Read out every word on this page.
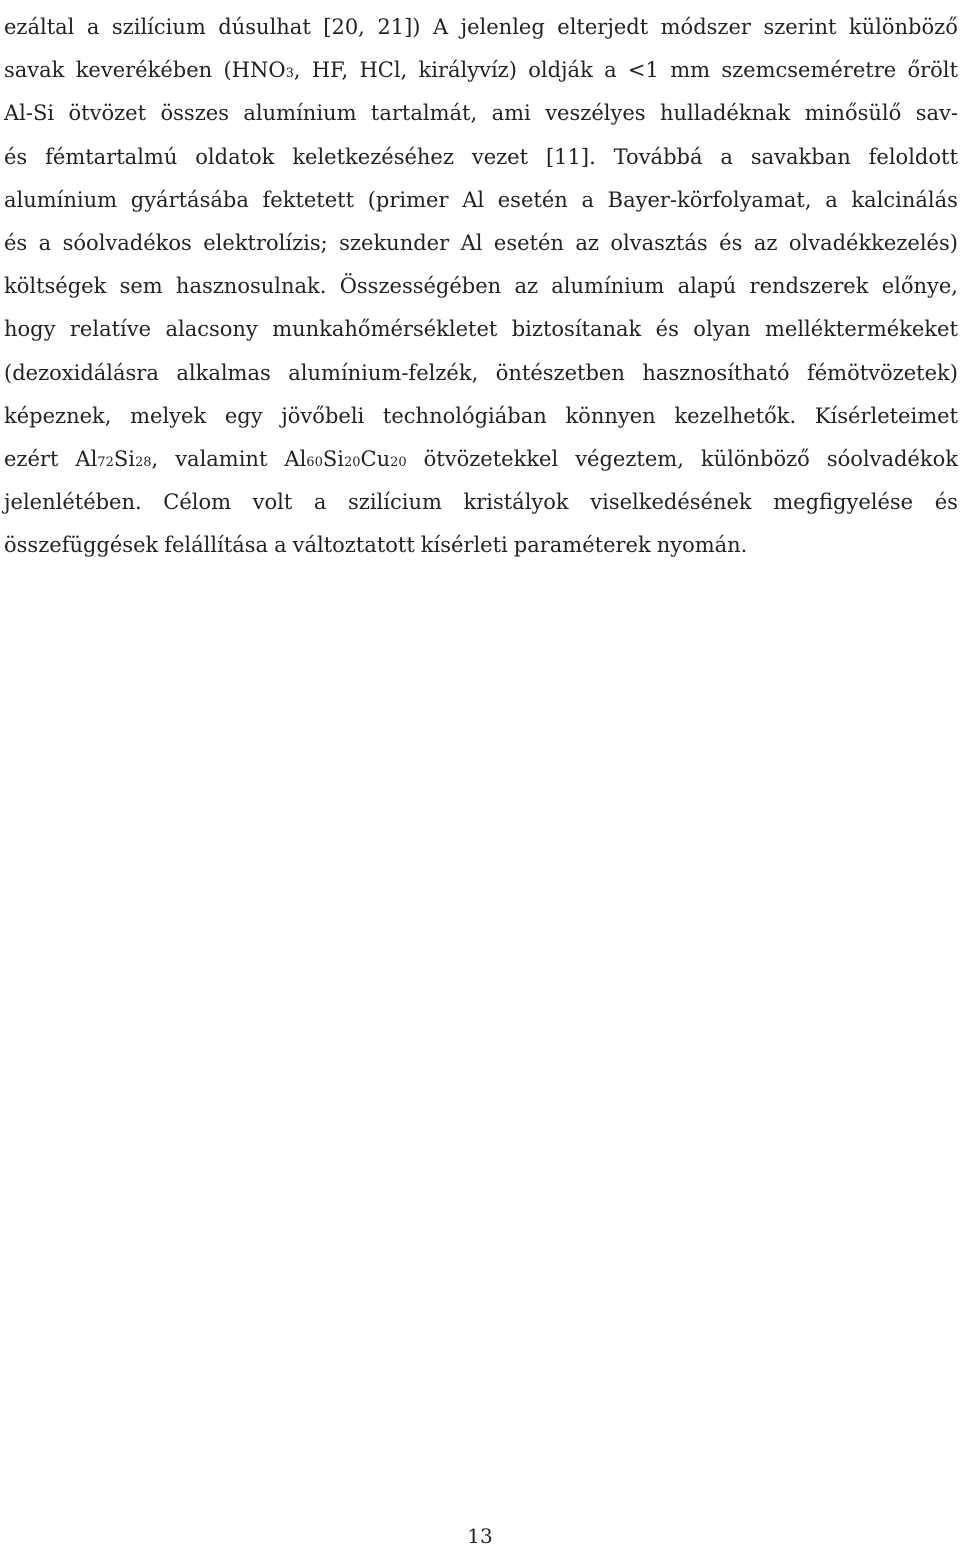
ezáltal a szilícium dúsulhat [20, 21]) A jelenleg elterjedt módszer szerint különböző
savak keverékében (HNO3, HF, HCl, királyvíz) oldják a <1 mm szemcseméretre őrölt
Al-Si ötvözet összes alumínium tartalmát, ami veszélyes hulladéknak minősülő sav-
és fémtartalmú oldatok keletkezéséhez vezet [11]. Továbbá a savakban feloldott
alumínium gyártásába fektetett (primer Al esetén a Bayer-körfolyamat, a kalcinálás
és a sóolvadékos elektrolízis; szekunder Al esetén az olvasztás és az olvadékkezelés)
költségek sem hasznosulnak. Összességében az alumínium alapú rendszerek előnye,
hogy relatíve alacsony munkahőmérsékletet biztosítanak és olyan melléktermékeket
(dezoxidálásra alkalmas alumínium-felzék, öntészetben hasznosítható fémötvözetek)
képeznek, melyek egy jövőbeli technológiában könnyen kezelhetők. Kísérleteimet
ezért Al72Si28, valamint Al60Si20Cu20 ötvözetekkel végeztem, különböző sóolvadékok
jelenlétében. Célom volt a szilícium kristályok viselkedésének megfigyelése és
összefüggések felállítása a változtatott kísérleti paraméterek nyomán.
13
